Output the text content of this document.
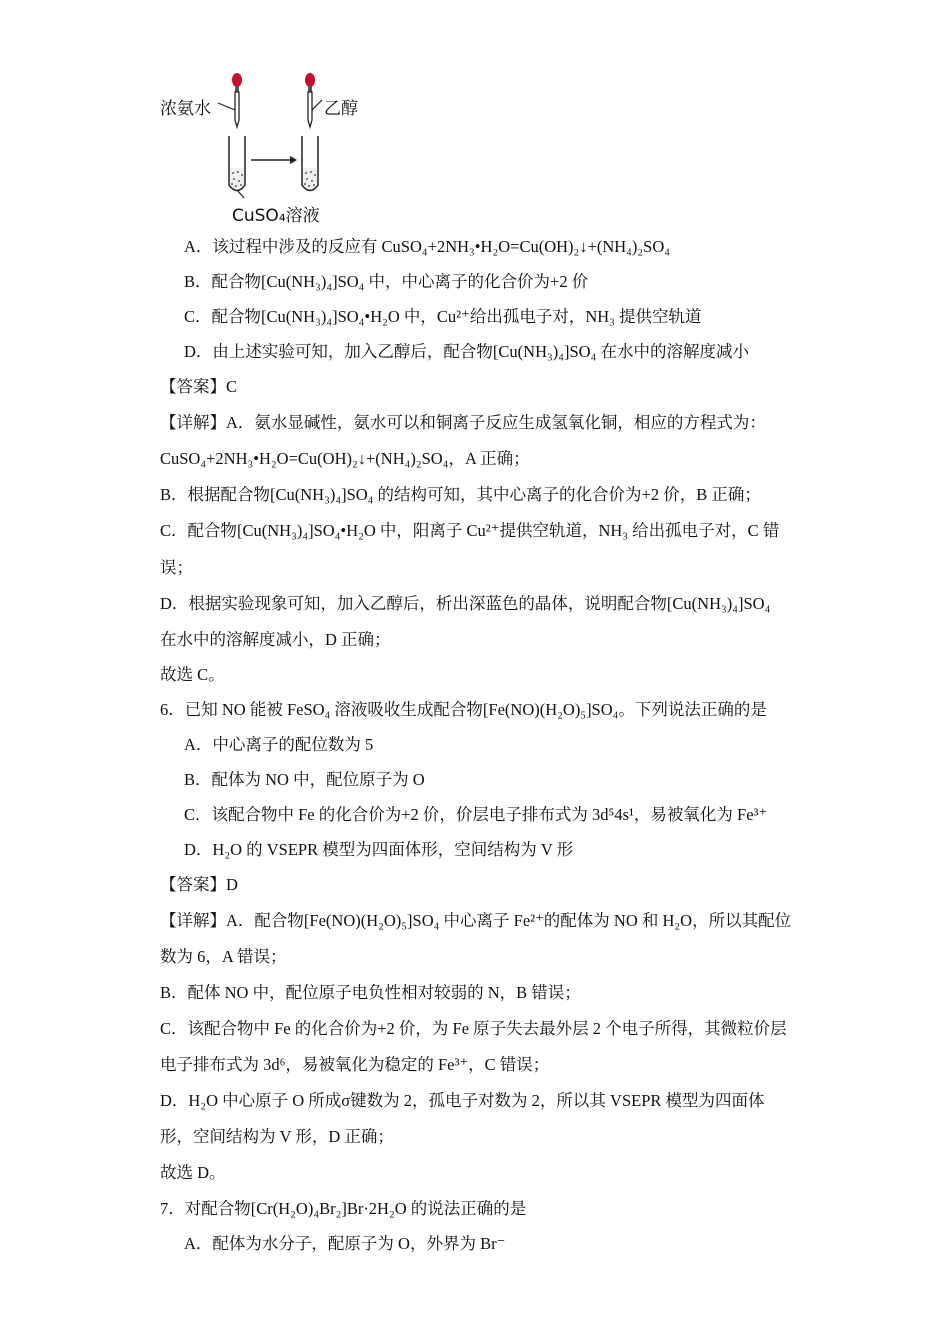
浓氨水	乙醇
CuSO₄溶液
A．该过程中涉及的反应有 CuSO₄+2NH₃•H₂O=Cu(OH)₂↓+(NH₄)₂SO₄
B．配合物[Cu(NH₃)₄]SO₄ 中，中心离子的化合价为+2 价
C．配合物[Cu(NH₃)₄]SO₄•H₂O 中，Cu²⁺给出孤电子对，NH₃ 提供空轨道
D．由上述实验可知，加入乙醇后，配合物[Cu(NH₃)₄]SO₄ 在水中的溶解度减小
【答案】C
【详解】A．氨水显碱性，氨水可以和铜离子反应生成氢氧化铜，相应的方程式为：
CuSO₄+2NH₃•H₂O=Cu(OH)₂↓+(NH₄)₂SO₄，A 正确；
B．根据配合物[Cu(NH₃)₄]SO₄ 的结构可知，其中心离子的化合价为+2 价，B 正确；
C．配合物[Cu(NH₃)₄]SO₄•H₂O 中，阳离子 Cu²⁺提供空轨道，NH₃ 给出孤电子对，C 错
误；
D．根据实验现象可知，加入乙醇后，析出深蓝色的晶体，说明配合物[Cu(NH₃)₄]SO₄
在水中的溶解度减小，D 正确；
故选 C。
6．已知 NO 能被 FeSO₄ 溶液吸收生成配合物[Fe(NO)(H₂O)₅]SO₄。下列说法正确的是
A．中心离子的配位数为 5
B．配体为 NO 中，配位原子为 O
C．该配合物中 Fe 的化合价为+2 价，价层电子排布式为 3d⁵4s¹，易被氧化为 Fe³⁺
D．H₂O 的 VSEPR 模型为四面体形，空间结构为 V 形
【答案】D
【详解】A．配合物[Fe(NO)(H₂O)₅]SO₄ 中心离子 Fe²⁺的配体为 NO 和 H₂O，所以其配位
数为 6，A 错误；
B．配体 NO 中，配位原子电负性相对较弱的 N，B 错误；
C．该配合物中 Fe 的化合价为+2 价，为 Fe 原子失去最外层 2 个电子所得，其微粒价层
电子排布式为 3d⁶，易被氧化为稳定的 Fe³⁺，C 错误；
D．H₂O 中心原子 O 所成σ键数为 2，孤电子对数为 2，所以其 VSEPR 模型为四面体
形，空间结构为 V 形，D 正确；
故选 D。
7．对配合物[Cr(H₂O)₄Br₂]Br·2H₂O 的说法正确的是
A．配体为水分子，配原子为 O，外界为 Br⁻
